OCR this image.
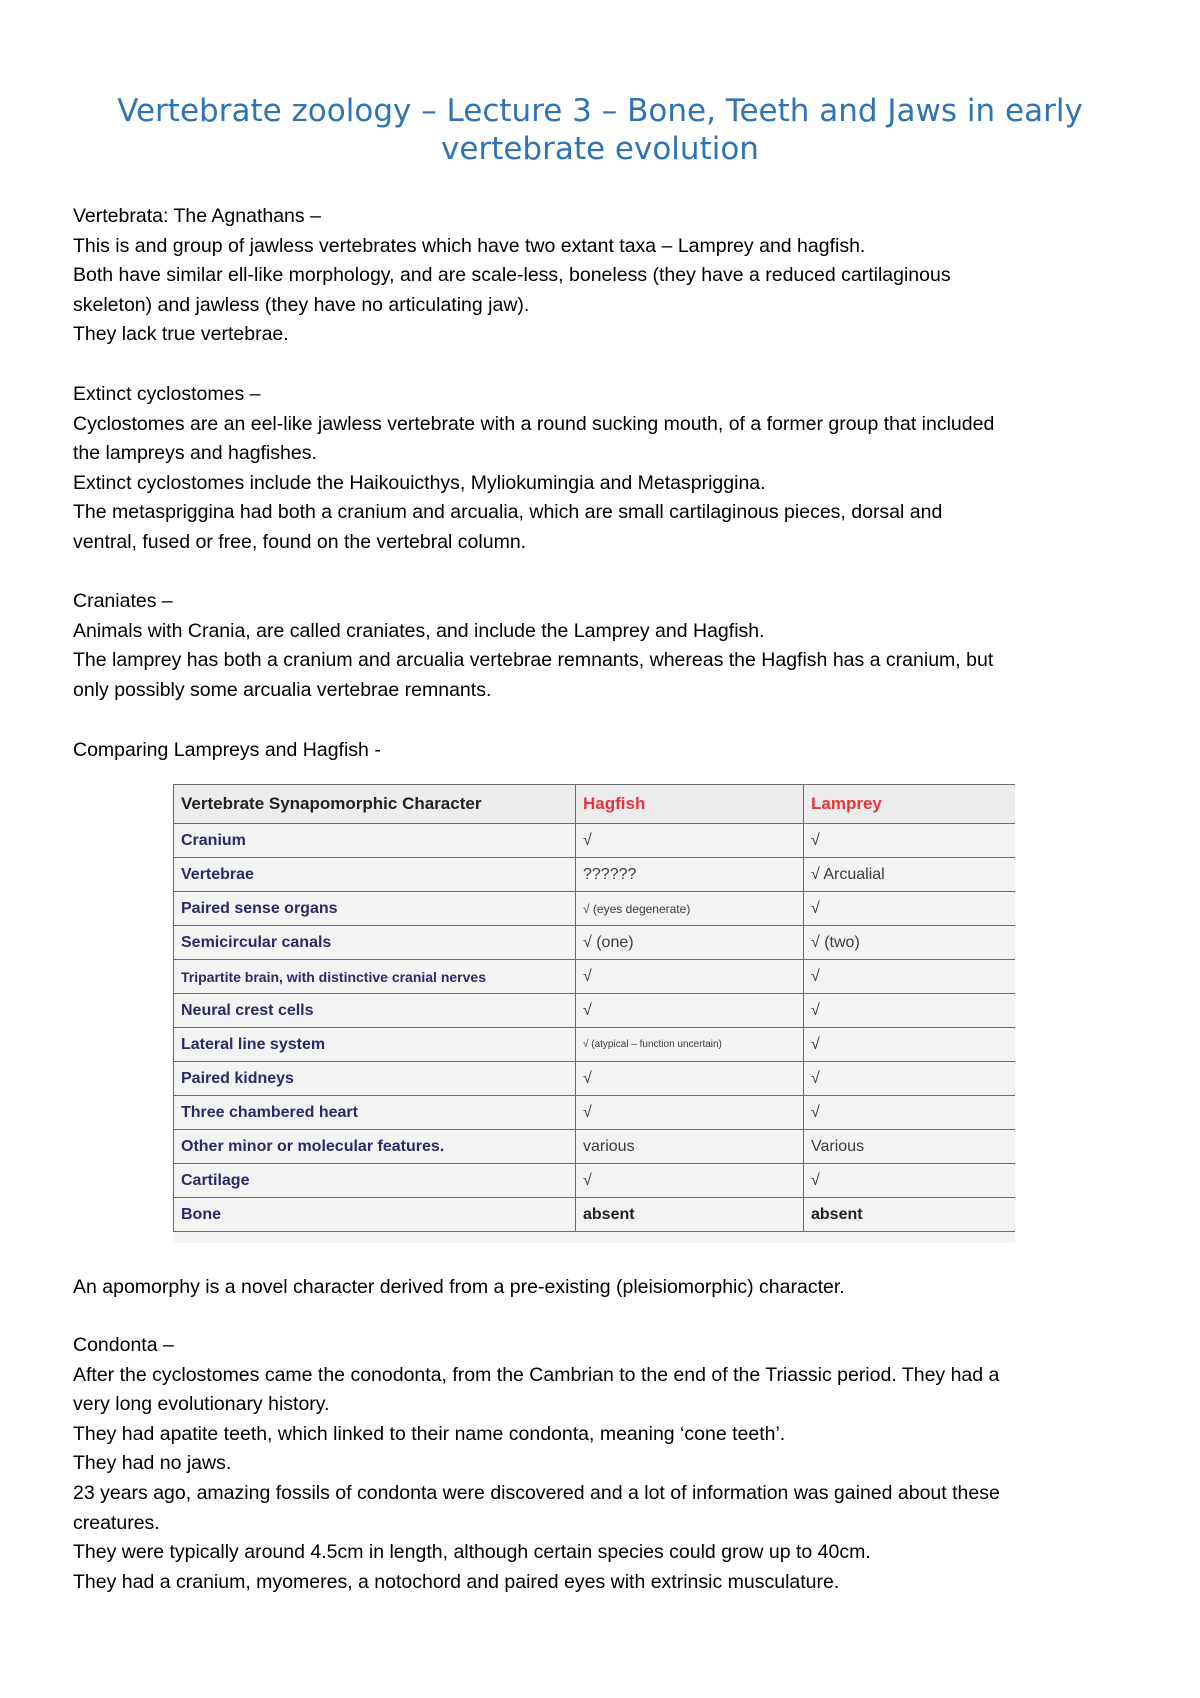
Vertebrate zoology – Lecture 3 – Bone, Teeth and Jaws in early
vertebrate evolution

Vertebrata: The Agnathans –

This is and group of jawless vertebrates which have two extant taxa – Lamprey and hagfish.

Both have similar ell-like morphology, and are scale-less, boneless (they have a reduced cartilaginous

skeleton) and jawless (they have no articulating jaw).

They lack true vertebrae.

Extinct cyclostomes –

Cyclostomes are an eel-like jawless vertebrate with a round sucking mouth, of a former group that included

the lampreys and hagfishes.

Extinct cyclostomes include the Haikouicthys, Myliokumingia and Metaspriggina.

The metaspriggina had both a cranium and arcualia, which are small cartilaginous pieces, dorsal and

ventral, fused or free, found on the vertebral column.

Craniates –

Animals with Crania, are called craniates, and include the Lamprey and Hagfish.

The lamprey has both a cranium and arcualia vertebrae remnants, whereas the Hagfish has a cranium, but

only possibly some arcualia vertebrae remnants.

Comparing Lampreys and Hagfish -

Vertebrate Synapomorphic Character	Hagfish	Lamprey
Cranium	√	√
Vertebrae	??????	√ Arcualial
Paired sense organs	√ (eyes degenerate)	√
Semicircular canals	√ (one)	√ (two)
Tripartite brain, with distinctive cranial nerves	√	√
Neural crest cells	√	√
Lateral line system	√ (atypical – function uncertain)	√
Paired kidneys	√	√
Three chambered heart	√	√
Other minor or molecular features.	various	Various
Cartilage	√	√
Bone	absent	absent

An apomorphy is a novel character derived from a pre-existing (pleisiomorphic) character.

Condonta –

After the cyclostomes came the conodonta, from the Cambrian to the end of the Triassic period. They had a

very long evolutionary history.

They had apatite teeth, which linked to their name condonta, meaning ‘cone teeth’.

They had no jaws.

23 years ago, amazing fossils of condonta were discovered and a lot of information was gained about these

creatures.

They were typically around 4.5cm in length, although certain species could grow up to 40cm.

They had a cranium, myomeres, a notochord and paired eyes with extrinsic musculature.
